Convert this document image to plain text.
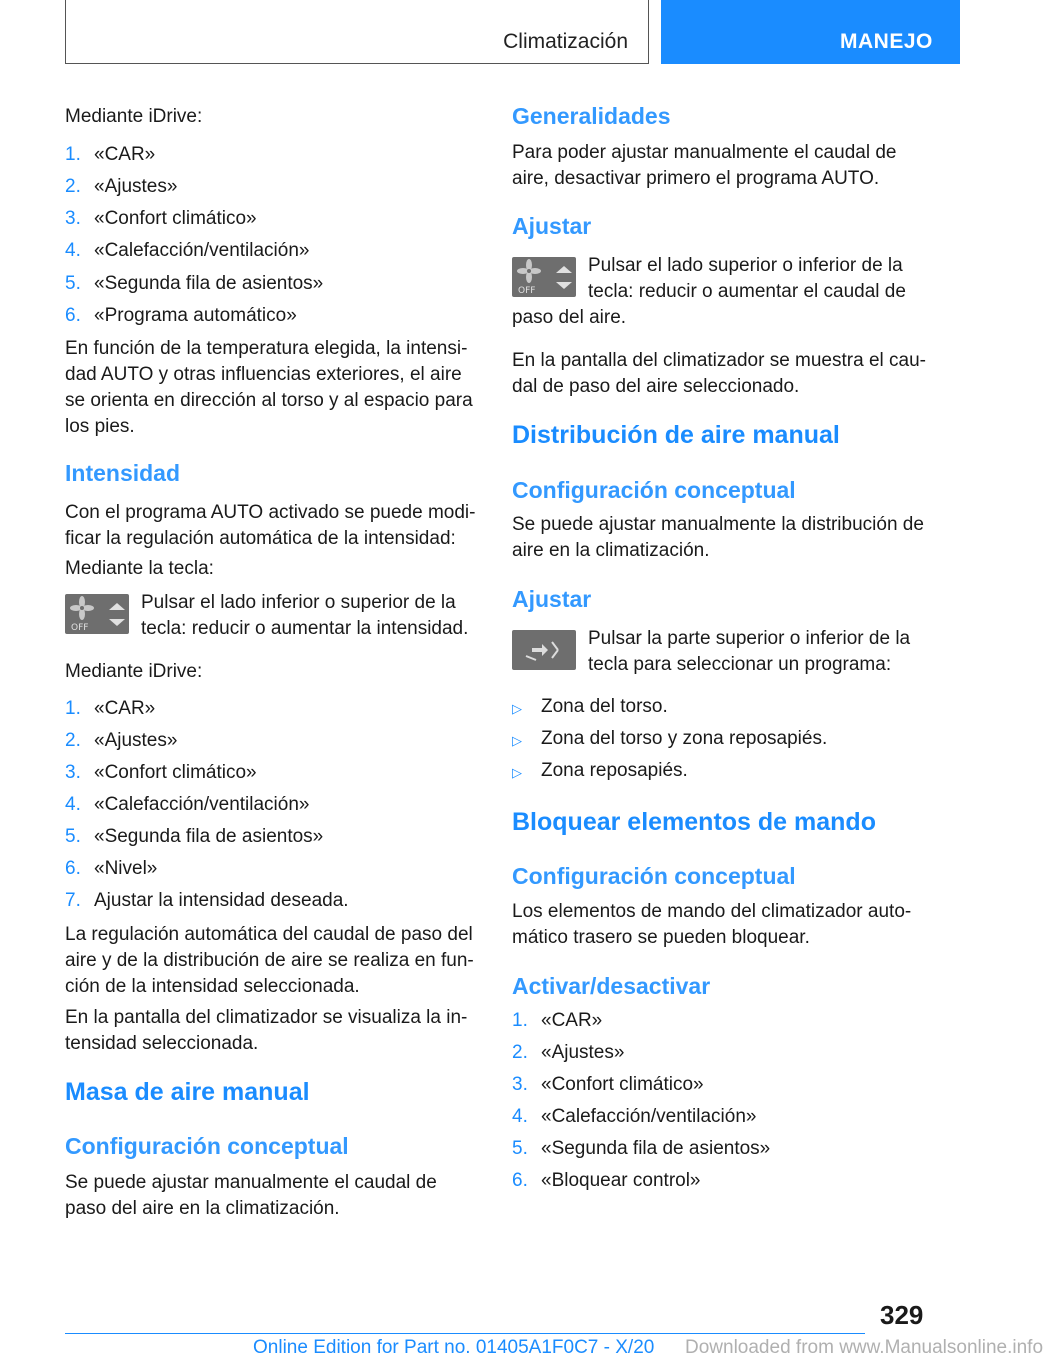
Climatización	MANEJO
Mediante iDrive:
1. «CAR»
2. «Ajustes»
3. «Confort climático»
4. «Calefacción/ventilación»
5. «Segunda fila de asientos»
6. «Programa automático»
En función de la temperatura elegida, la intensi-
dad AUTO y otras influencias exteriores, el aire
se orienta en dirección al torso y al espacio para
los pies.
Intensidad
Con el programa AUTO activado se puede modi-
ficar la regulación automática de la intensidad:
Mediante la tecla:
OFF
Pulsar el lado inferior o superior de la
tecla: reducir o aumentar la intensidad.
Mediante iDrive:
1. «CAR»
2. «Ajustes»
3. «Confort climático»
4. «Calefacción/ventilación»
5. «Segunda fila de asientos»
6. «Nivel»
7. Ajustar la intensidad deseada.
La regulación automática del caudal de paso del
aire y de la distribución de aire se realiza en fun-
ción de la intensidad seleccionada.
En la pantalla del climatizador se visualiza la in-
tensidad seleccionada.
Masa de aire manual
Configuración conceptual
Se puede ajustar manualmente el caudal de
paso del aire en la climatización.
Generalidades
Para poder ajustar manualmente el caudal de
aire, desactivar primero el programa AUTO.
Ajustar
OFF
Pulsar el lado superior o inferior de la
tecla: reducir o aumentar el caudal de
paso del aire.
En la pantalla del climatizador se muestra el cau-
dal de paso del aire seleccionado.
Distribución de aire manual
Configuración conceptual
Se puede ajustar manualmente la distribución de
aire en la climatización.
Ajustar
Pulsar la parte superior o inferior de la
tecla para seleccionar un programa:
▷ Zona del torso.
▷ Zona del torso y zona reposapiés.
▷ Zona reposapiés.
Bloquear elementos de mando
Configuración conceptual
Los elementos de mando del climatizador auto-
mático trasero se pueden bloquear.
Activar/desactivar
1. «CAR»
2. «Ajustes»
3. «Confort climático»
4. «Calefacción/ventilación»
5. «Segunda fila de asientos»
6. «Bloquear control»
329
Online Edition for Part no. 01405A1F0C7 - X/20 Downloaded from www.Manualsonline.info
